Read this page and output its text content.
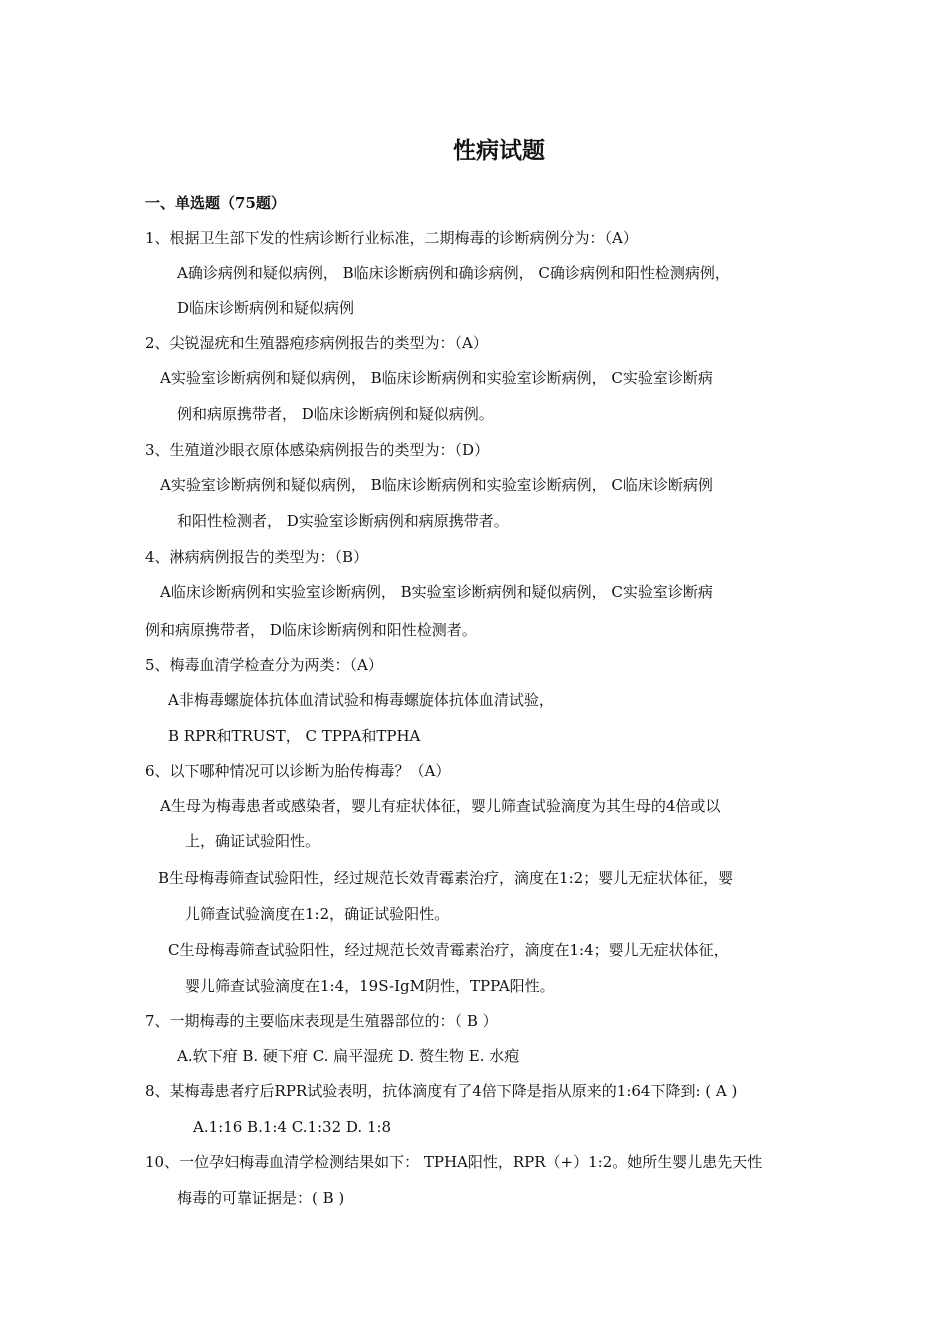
性病试题
一、单选题（75题）
1、根据卫生部下发的性病诊断行业标准，二期梅毒的诊断病例分为：（A）
A确诊病例和疑似病例， B临床诊断病例和确诊病例， C确诊病例和阳性检测病例，
D临床诊断病例和疑似病例
2、尖锐湿疣和生殖器疱疹病例报告的类型为：（A）
A实验室诊断病例和疑似病例， B临床诊断病例和实验室诊断病例， C实验室诊断病
例和病原携带者， D临床诊断病例和疑似病例。
3、生殖道沙眼衣原体感染病例报告的类型为：（D）
A实验室诊断病例和疑似病例， B临床诊断病例和实验室诊断病例， C临床诊断病例
和阳性检测者， D实验室诊断病例和病原携带者。
4、淋病病例报告的类型为：（B）
A临床诊断病例和实验室诊断病例， B实验室诊断病例和疑似病例， C实验室诊断病
例和病原携带者， D临床诊断病例和阳性检测者。
5、梅毒血清学检查分为两类：（A）
A非梅毒螺旋体抗体血清试验和梅毒螺旋体抗体血清试验，
B RPR和TRUST， C TPPA和TPHA
6、以下哪种情况可以诊断为胎传梅毒？（A）
A生母为梅毒患者或感染者，婴儿有症状体征，婴儿筛查试验滴度为其生母的4倍或以
上，确证试验阳性。
B生母梅毒筛查试验阳性，经过规范长效青霉素治疗，滴度在1:2；婴儿无症状体征，婴
儿筛查试验滴度在1:2，确证试验阳性。
C生母梅毒筛查试验阳性，经过规范长效青霉素治疗，滴度在1:4；婴儿无症状体征，
婴儿筛查试验滴度在1:4，19S-IgM阴性，TPPA阳性。
7、一期梅毒的主要临床表现是生殖器部位的：（ B ）
A.软下疳 B. 硬下疳 C. 扁平湿疣 D. 赘生物 E. 水疱
8、某梅毒患者疗后RPR试验表明，抗体滴度有了4倍下降是指从原来的1:64下降到: ( A )
A.1:16 B.1:4 C.1:32 D. 1:8
10、一位孕妇梅毒血清学检测结果如下： TPHA阳性，RPR（+）1:2。她所生婴儿患先天性
梅毒的可靠证据是：( B )
